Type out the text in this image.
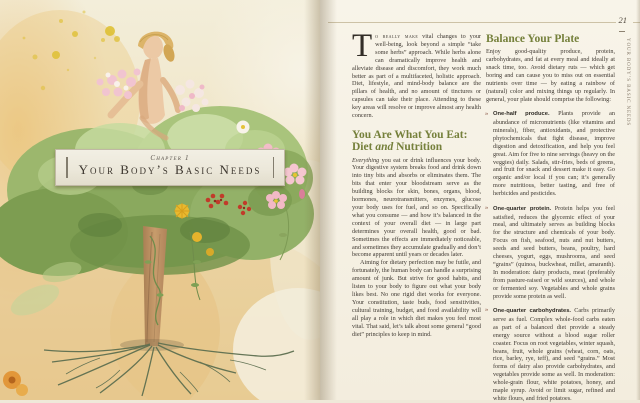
Chapter 1
Your Body’s Basic Needs
21
YOUR BODY’S BASIC NEEDS

To really make vital changes to your well-being, look beyond a simple “take some herbs” approach. While herbs alone can dramatically improve health and alleviate disease and discomfort, they work much better as part of a multifaceted, holistic approach. Diet, lifestyle, and mind-body balance are the pillars of health, and no amount of tinctures or capsules can take their place. Attending to these key areas will resolve or improve almost any health concern.

You Are What You Eat:
Diet and Nutrition

Everything you eat or drink influences your body. Your digestive system breaks food and drink down into tiny bits and absorbs or eliminates them. The bits that enter your bloodstream serve as the building blocks for skin, bones, organs, blood, hormones, neurotransmitters, enzymes, glucose your body uses for fuel, and so on. Specifically what you consume — and how it’s balanced in the context of your overall diet — in large part determines your overall health, good or bad. Sometimes the effects are immediately noticeable, and sometimes they accumulate gradually and don’t become apparent until years or decades later.

Aiming for dietary perfection may be futile, and fortunately, the human body can handle a surprising amount of junk. But strive for good habits, and listen to your body to figure out what your body likes best. No one rigid diet works for everyone. Your constitution, taste buds, food sensitivities, cultural training, budget, and food availability will all play a role in which diet makes you feel most vital. That said, let’s talk about some general “good diet” principles to keep in mind.

Balance Your Plate

Enjoy good-quality produce, protein, carbohydrates, and fat at every meal and ideally at snack time, too. Avoid dietary ruts — which get boring and can cause you to miss out on essential nutrients over time — by eating a rainbow of (natural) color and mixing things up regularly. In general, your plate should comprise the following:

» One-half produce. Plants provide an abundance of micronutrients (like vitamins and minerals), fiber, antioxidants, and protective phytochemicals that fight disease, improve digestion and detoxification, and help you feel great. Aim for five to nine servings (heavy on the veggies) daily. Salads, stir-fries, beds of greens, and fruit for snack and dessert make it easy. Go organic and/or local if you can; it’s generally more nutritious, better tasting, and free of herbicides and pesticides.
» One-quarter protein. Protein helps you feel satisfied, reduces the glycemic effect of your meal, and ultimately serves as building blocks for the structure and chemicals of your body. Focus on fish, seafood, nuts and nut butters, seeds and seed butters, beans, poultry, hard cheeses, yogurt, eggs, mushrooms, and seed “grains” (quinoa, buckwheat, millet, amaranth). In moderation: dairy products, meat (preferably from pasture-raised or wild sources), and whole or fermented soy. Vegetables and whole grains provide some protein as well.
» One-quarter carbohydrates. Carbs primarily serve as fuel. Complex whole-food carbs eaten as part of a balanced diet provide a steady energy source without a blood sugar roller coaster. Focus on root vegetables, winter squash, beans, fruit, whole grains (wheat, corn, oats, rice, barley, rye, teff), and seed “grains.” Most forms of dairy also provide carbohydrates, and vegetables provide some as well. In moderation: whole-grain flour, white potatoes, honey, and maple syrup. Avoid or limit sugar, refined and white flours, and fried potatoes.
